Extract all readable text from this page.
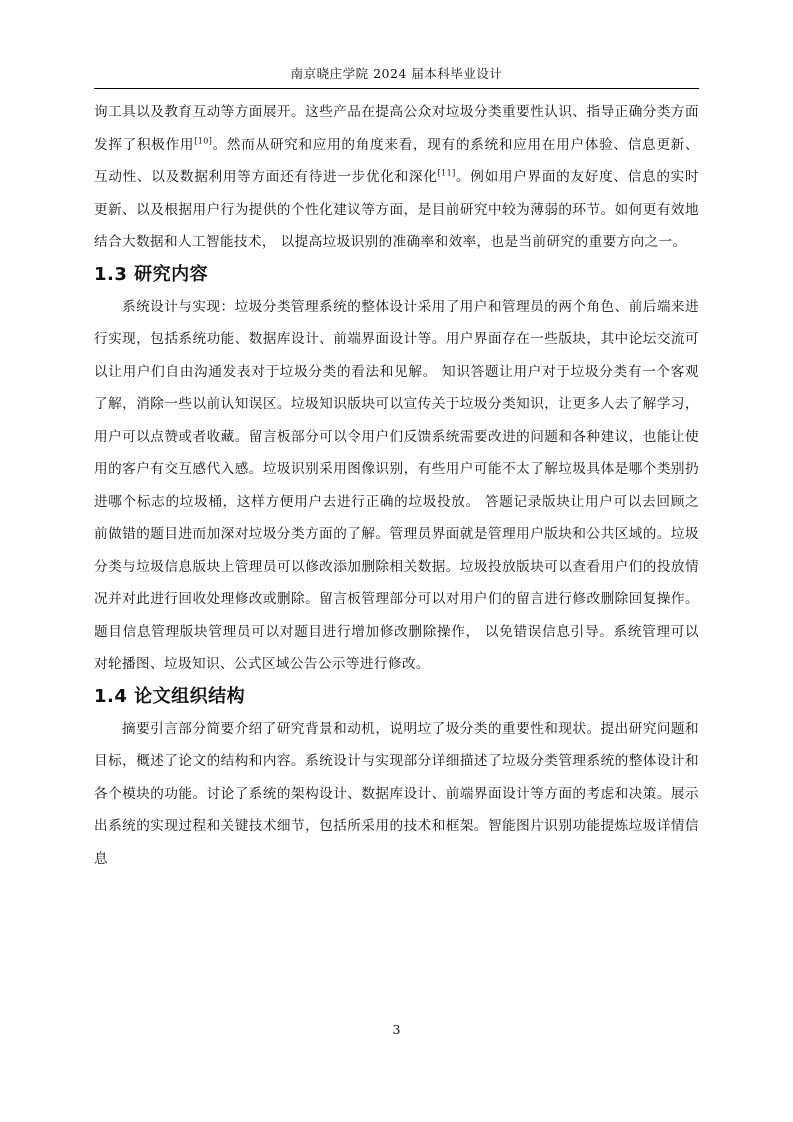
南京晓庄学院 2024 届本科毕业设计

询工具以及教育互动等方面展开。这些产品在提高公众对垃圾分类重要性认识、指导正确分类方面发挥了积极作用[10]。然而从研究和应用的角度来看，现有的系统和应用在用户体验、信息更新、互动性、以及数据利用等方面还有待进一步优化和深化[11]。例如用户界面的友好度、信息的实时更新、以及根据用户行为提供的个性化建议等方面，是目前研究中较为薄弱的环节。如何更有效地结合大数据和人工智能技术， 以提高垃圾识别的准确率和效率，也是当前研究的重要方向之一。

1.3 研究内容

系统设计与实现：垃圾分类管理系统的整体设计采用了用户和管理员的两个角色、前后端来进行实现，包括系统功能、数据库设计、前端界面设计等。用户界面存在一些版块，其中论坛交流可以让用户们自由沟通发表对于垃圾分类的看法和见解。 知识答题让用户对于垃圾分类有一个客观了解，消除一些以前认知误区。垃圾知识版块可以宣传关于垃圾分类知识，让更多人去了解学习，用户可以点赞或者收藏。留言板部分可以令用户们反馈系统需要改进的问题和各种建议，也能让使用的客户有交互感代入感。垃圾识别采用图像识别，有些用户可能不太了解垃圾具体是哪个类别扔进哪个标志的垃圾桶，这样方便用户去进行正确的垃圾投放。 答题记录版块让用户可以去回顾之前做错的题目进而加深对垃圾分类方面的了解。管理员界面就是管理用户版块和公共区域的。垃圾分类与垃圾信息版块上管理员可以修改添加删除相关数据。垃圾投放版块可以查看用户们的投放情况并对此进行回收处理修改或删除。留言板管理部分可以对用户们的留言进行修改删除回复操作。题目信息管理版块管理员可以对题目进行增加修改删除操作， 以免错误信息引导。系统管理可以对轮播图、垃圾知识、公式区域公告公示等进行修改。

1.4 论文组织结构

摘要引言部分简要介绍了研究背景和动机，说明垃了圾分类的重要性和现状。提出研究问题和目标，概述了论文的结构和内容。系统设计与实现部分详细描述了垃圾分类管理系统的整体设计和各个模块的功能。讨论了系统的架构设计、数据库设计、前端界面设计等方面的考虑和决策。展示出系统的实现过程和关键技术细节，包括所采用的技术和框架。智能图片识别功能提炼垃圾详情信息

3
